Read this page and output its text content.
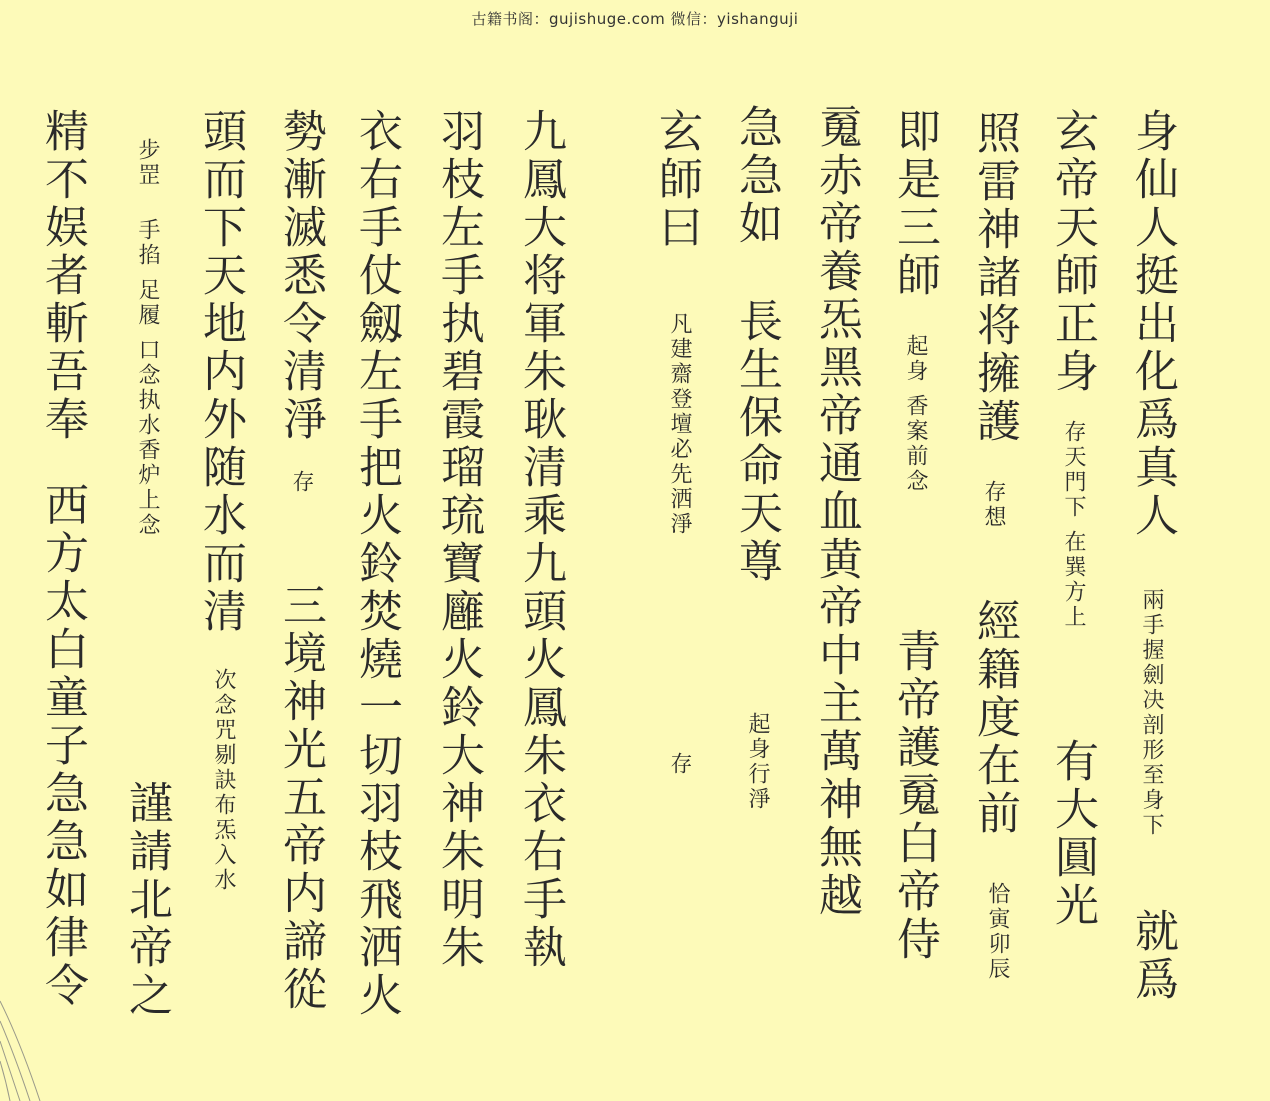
古籍书阁：gujishuge.com 微信：yishanguji
身仙人挺出化爲真人
兩手握劍决剖形至身下
就爲
玄帝天師正身
存天門下 在巽方上
有大圓光
照雷神諸将擁護
存想
經籍度在前
恰寅卯辰
即是三師
起身 香案前念
青帝護䰟白帝侍
䰟赤帝養炁黑帝通血黄帝中主萬神無越
急急如
長生保命天尊
起身行淨
玄師曰
凡建齋登壇必先洒淨
存
九鳳大将軍朱耿清乘九頭火鳳朱衣右手執
羽枝左手执碧霞瑠琉寶廱火鈴大神朱明朱
衣右手仗劔左手把火鈴焚燒一切羽枝飛洒火
勢漸滅悉令清淨
存
三境神光五帝内諦從
頭而下天地内外随水而清
次念咒剔訣布炁入水
步罡
手掐 足履 口念执水香炉上念
謹請北帝之
精不娱者斬吾奉
西方太白童子急急如律令
